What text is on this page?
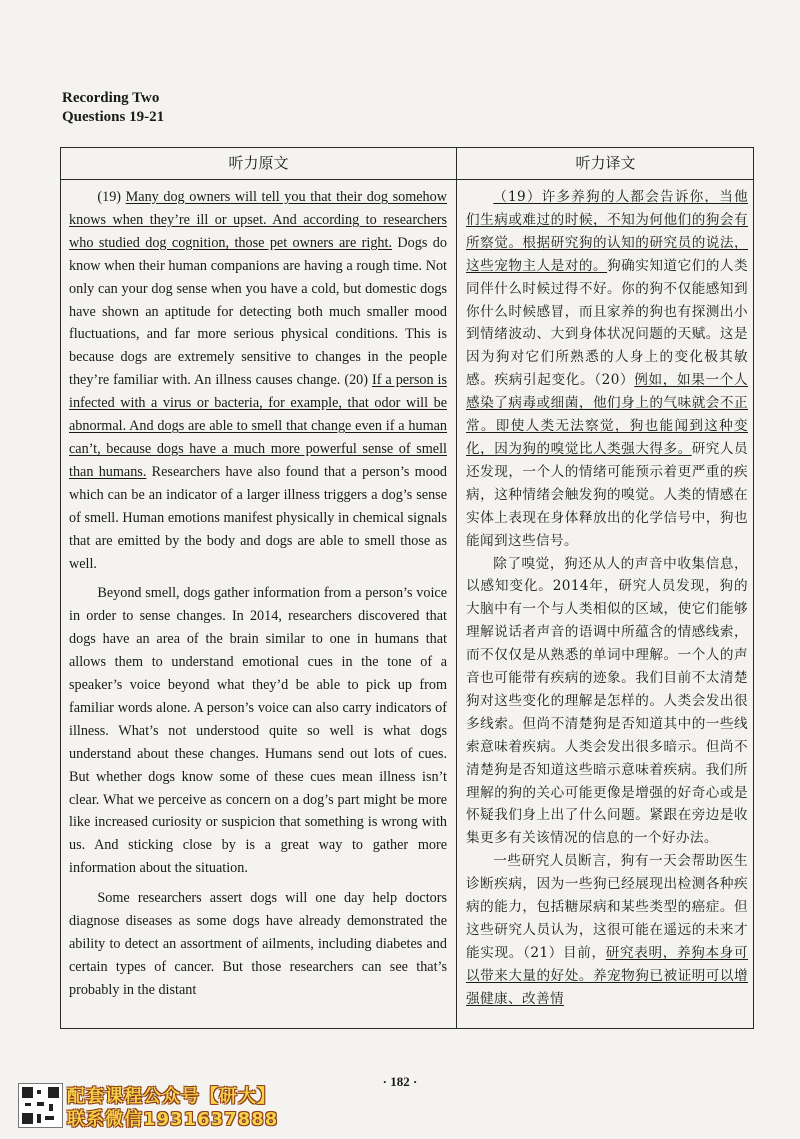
Recording Two
Questions 19-21
听力原文	听力译文

(19) Many dog owners will tell you that their dog somehow knows when they’re ill or upset. And according to researchers who studied dog cognition, those pet owners are right. Dogs do know when their human companions are having a rough time. Not only can your dog sense when you have a cold, but domestic dogs have shown an aptitude for detecting both much smaller mood fluctuations, and far more serious physical conditions. This is because dogs are extremely sensitive to changes in the people they’re familiar with. An illness causes change. (20) If a person is infected with a virus or bacteria, for example, that odor will be abnormal. And dogs are able to smell that change even if a human can’t, because dogs have a much more powerful sense of smell than humans. Researchers have also found that a person’s mood which can be an indicator of a larger illness triggers a dog’s sense of smell. Human emotions manifest physically in chemical signals that are emitted by the body and dogs are able to smell those as well.

Beyond smell, dogs gather information from a person’s voice in order to sense changes. In 2014, researchers discovered that dogs have an area of the brain similar to one in humans that allows them to understand emotional cues in the tone of a speaker’s voice beyond what they’d be able to pick up from familiar words alone. A person’s voice can also carry indicators of illness. What’s not understood quite so well is what dogs understand about these changes. Humans send out lots of cues. But whether dogs know some of these cues mean illness isn’t clear. What we perceive as concern on a dog’s part might be more like increased curiosity or suspicion that something is wrong with us. And sticking close by is a great way to gather more information about the situation.

Some researchers assert dogs will one day help doctors diagnose diseases as some dogs have already demonstrated the ability to detect an assortment of ailments, including diabetes and certain types of cancer. But those researchers can see that’s probably in the distant

（19）许多养狗的人都会告诉你，当他们生病或难过的时候，不知为何他们的狗会有所察觉。根据研究狗的认知的研究员的说法，这些宠物主人是对的。狗确实知道它们的人类同伴什么时候过得不好。你的狗不仅能感知到你什么时候感冒，而且家养的狗也有探测出小到情绪波动、大到身体状况问题的天赋。这是因为狗对它们所熟悉的人身上的变化极其敏感。疾病引起变化。（20）例如，如果一个人感染了病毒或细菌，他们身上的气味就会不正常。即使人类无法察觉，狗也能闻到这种变化，因为狗的嗅觉比人类强大得多。研究人员还发现，一个人的情绪可能预示着更严重的疾病，这种情绪会触发狗的嗅觉。人类的情感在实体上表现在身体释放出的化学信号中，狗也能闻到这些信号。

除了嗅觉，狗还从人的声音中收集信息，以感知变化。2014年，研究人员发现，狗的大脑中有一个与人类相似的区域，使它们能够理解说话者声音的语调中所蕴含的情感线索，而不仅仅是从熟悉的单词中理解。一个人的声音也可能带有疾病的迹象。我们目前不太清楚狗对这些变化的理解是怎样的。人类会发出很多线索。但尚不清楚狗是否知道其中的一些线索意味着疾病。人类会发出很多暗示。但尚不清楚狗是否知道这些暗示意味着疾病。我们所理解的狗的关心可能更像是增强的好奇心或是怀疑我们身上出了什么问题。紧跟在旁边是收集更多有关该情况的信息的一个好办法。

一些研究人员断言，狗有一天会帮助医生诊断疾病，因为一些狗已经展现出检测各种疾病的能力，包括糖尿病和某些类型的癌症。但这些研究人员认为，这很可能在遥远的未来才能实现。（21）目前，研究表明，养狗本身可以带来大量的好处。养宠物狗已被证明可以增强健康、改善情

· 182 ·
配套课程公众号【研大】
联系微信1931637888
